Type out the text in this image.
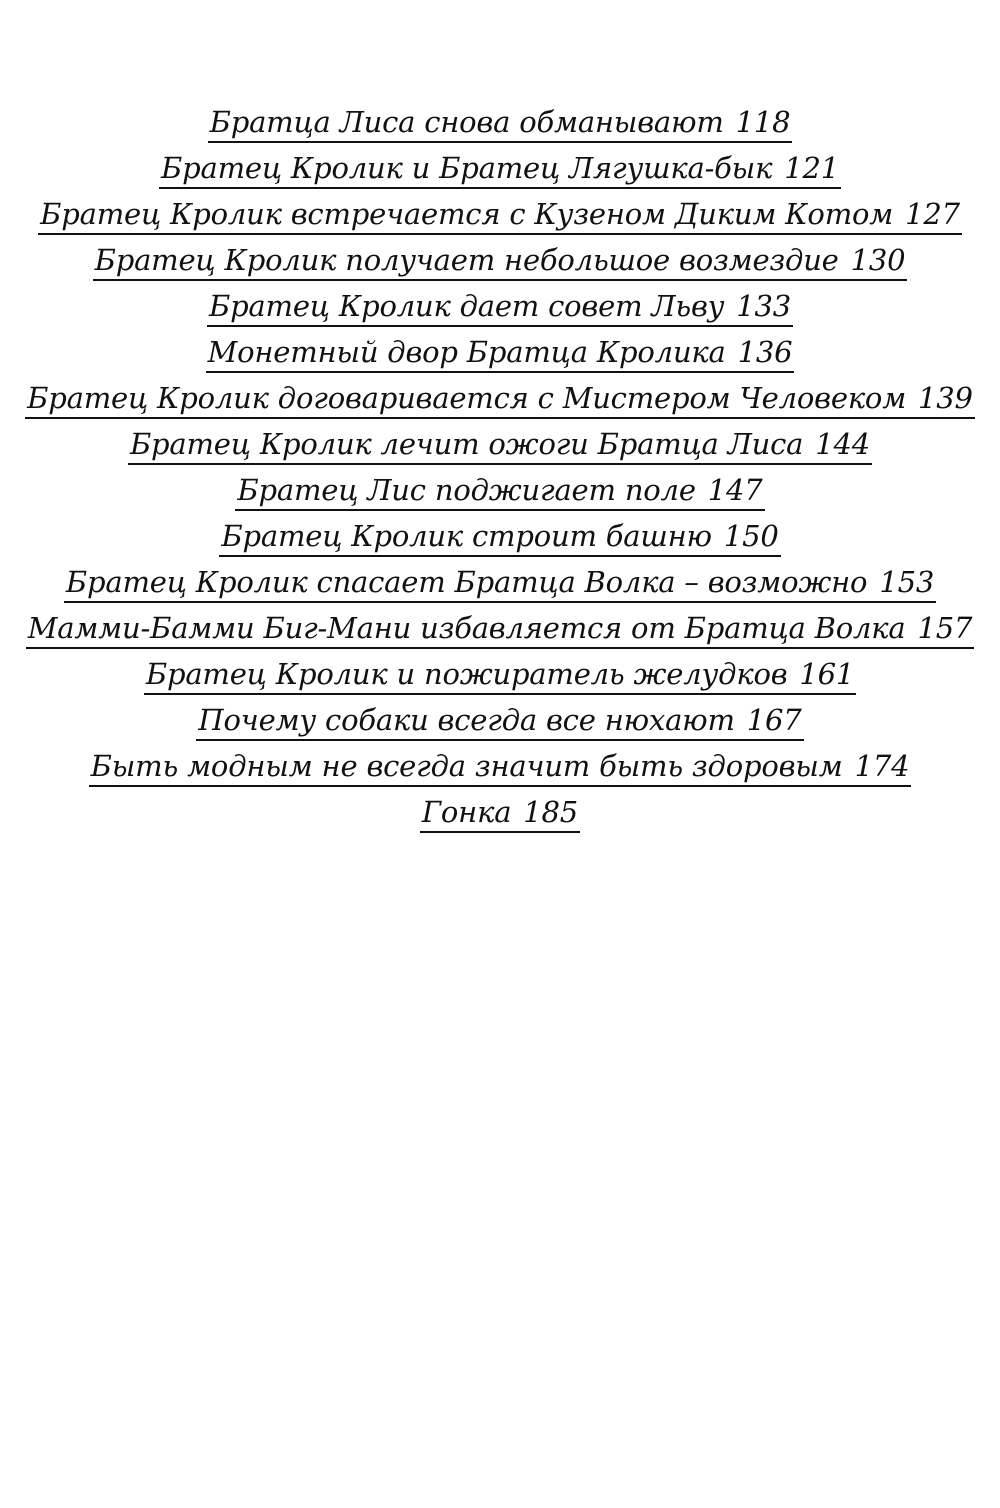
Братца Лиса снова обманывают 118
Братец Кролик и Братец Лягушка-бык 121
Братец Кролик встречается с Кузеном Диким Котом 127
Братец Кролик получает небольшое возмездие 130
Братец Кролик дает совет Льву 133
Монетный двор Братца Кролика 136
Братец Кролик договаривается с Мистером Человеком 139
Братец Кролик лечит ожоги Братца Лиса 144
Братец Лис поджигает поле 147
Братец Кролик строит башню 150
Братец Кролик спасает Братца Волка – возможно 153
Мамми-Бамми Биг-Мани избавляется от Братца Волка 157
Братец Кролик и пожиратель желудков 161
Почему собаки всегда все нюхают 167
Быть модным не всегда значит быть здоровым 174
Гонка 185
